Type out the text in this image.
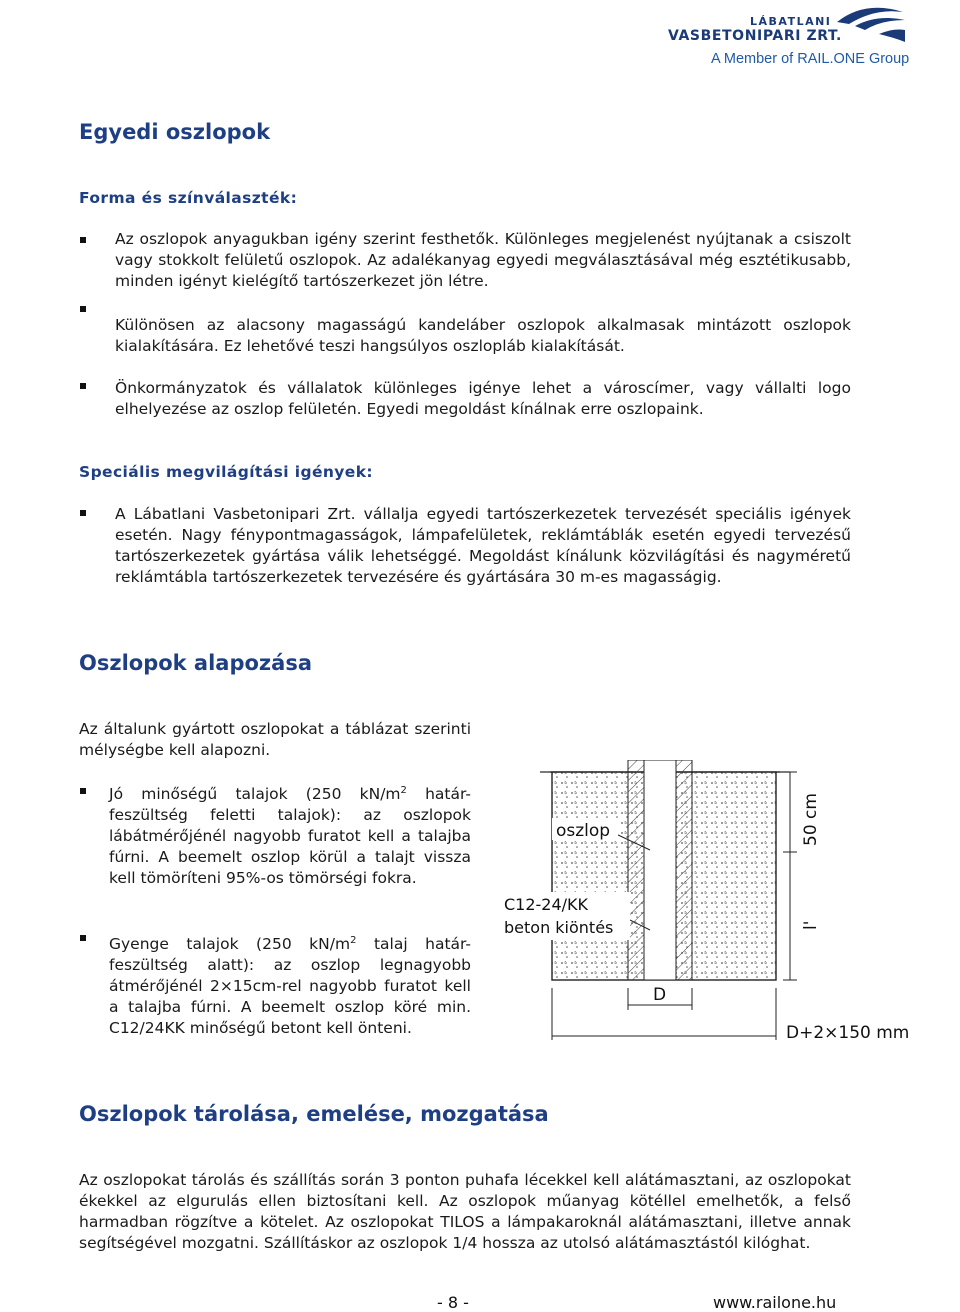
LÁBATLANI
VASBETONIPARI ZRT.
A Member of RAIL.ONE Group
Egyedi oszlopok
Forma és színválaszték:
Az oszlopok anyagukban igény szerint festhetők. Különleges megjelenést nyújtanak a csiszolt vagy stokkolt felületű oszlopok. Az adalékanyag egyedi megválasztásával még esztétikusabb, minden igényt kielégítő tartószerkezet jön létre.
Különösen az alacsony magasságú kandeláber oszlopok alkalmasak mintázott oszlopok kialakítására. Ez lehetővé teszi hangsúlyos oszlopláb kialakítását.
Önkormányzatok és vállalatok különleges igénye lehet a városcímer, vagy vállalti logo elhelyezése az oszlop felületén. Egyedi megoldást kínálnak erre oszlopaink.
Speciális megvilágítási igények:
A Lábatlani Vasbetonipari Zrt. vállalja egyedi tartószerkezetek tervezését speciális igények esetén. Nagy fénypontmagasságok, lámpafelületek, reklámtáblák esetén egyedi tervezésű tartószerkezetek gyártása válik lehetséggé. Megoldást kínálunk közvilágítási és nagyméretű reklámtábla tartószerkezetek tervezésére és gyártására 30 m-es magasságig.
Oszlopok alapozása
Az általunk gyártott oszlopokat a táblázat szerinti mélységbe kell alapozni.
Jó minőségű talajok (250 $kN/m^2$ határ-feszültség feletti talajok): az oszlopok lábátmérőjénél nagyobb furatot kell a talajba fúrni. A beemelt oszlop körül a talajt vissza kell tömöríteni 95%-os tömörségi fokra.
Gyenge talajok (250 $kN/m^2$ talaj határ-feszültség alatt): az oszlop legnagyobb átmérőjénél 2×15cm-rel nagyobb furatot kell a talajba fúrni. A beemelt oszlop köré min. C12/24KK minőségű betont kell önteni.
oszlop
C12-24/KK
beton kiöntés
50 cm
l'
D
D+2×150 mm
Oszlopok tárolása, emelése, mozgatása
Az oszlopokat tárolás és szállítás során 3 ponton puhafa lécekkel kell alátámasztani, az oszlopokat ékekkel az elgurulás ellen biztosítani kell. Az oszlopok műanyag kötéllel emelhetők, a felső harmadban rögzítve a kötelet. Az oszlopokat TILOS a lámpakaroknál alátámasztani, illetve annak segítségével mozgatni. Szállításkor az oszlopok 1/4 hossza az utolsó alátámasztástól kilóghat.
- 8 -	www.railone.hu
